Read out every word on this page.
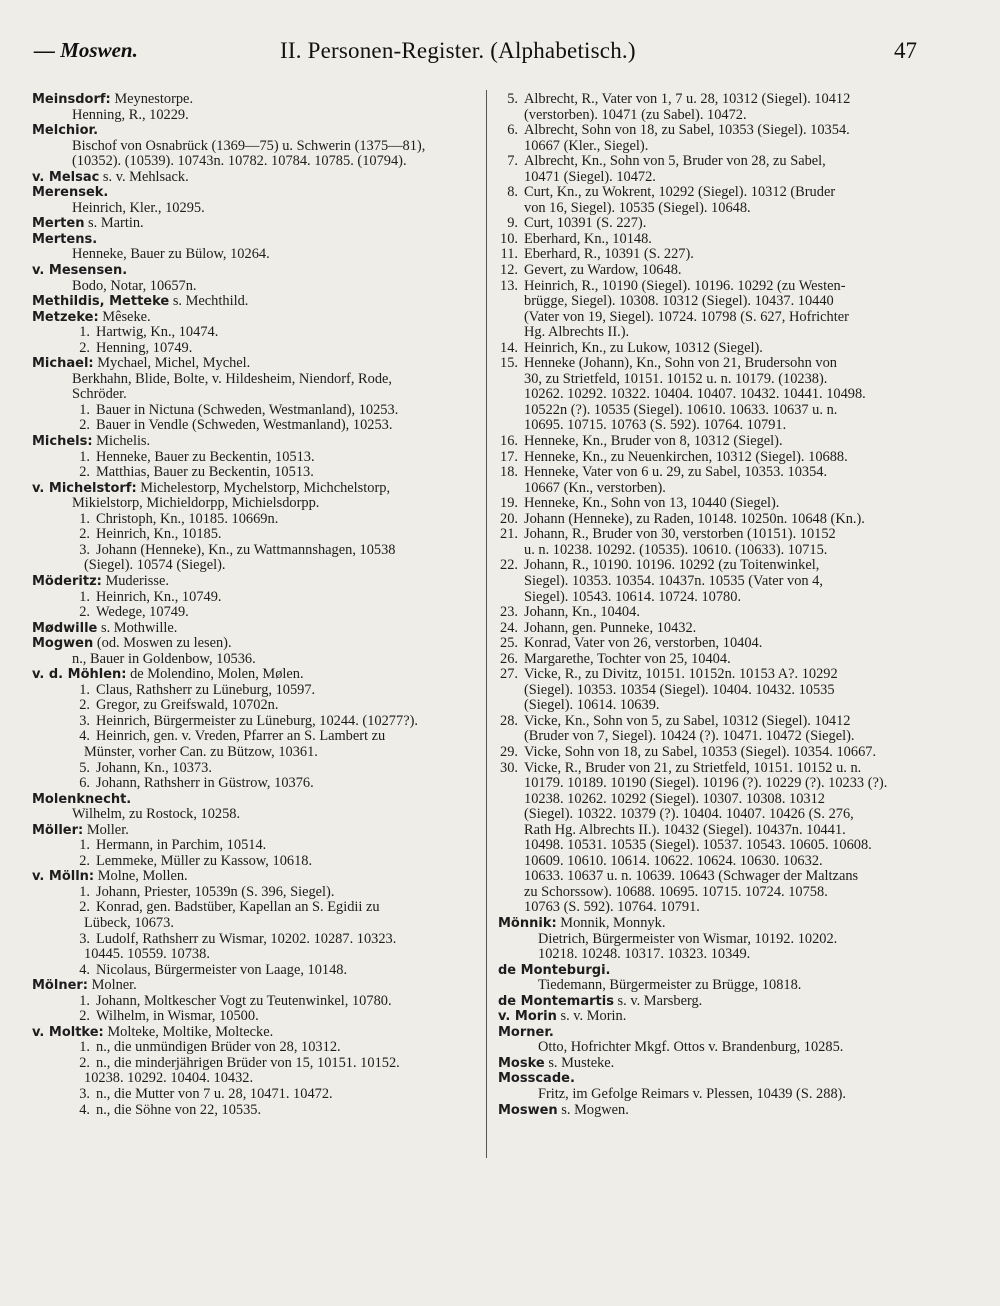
— Moswen.	II. Personen-Register. (Alphabetisch.)	47
Meinsdorf: Meynestorpe.
Henning, R., 10229.
Melchior.
Bischof von Osnabrück (1369—75) u. Schwerin (1375—81),
(10352). (10539). 10743n. 10782. 10784. 10785. (10794).
v. Melsac s. v. Mehlsack.
Merensek.
Heinrich, Kler., 10295.
Merten s. Martin.
Mertens.
Henneke, Bauer zu Bülow, 10264.
v. Mesensen.
Bodo, Notar, 10657n.
Methildis, Metteke s. Mechthild.
Metzeke: Mêseke.
1. Hartwig, Kn., 10474.
2. Henning, 10749.
Michael: Mychael, Michel, Mychel.
Berkhahn, Blide, Bolte, v. Hildesheim, Niendorf, Rode,
Schröder.
1. Bauer in Nictuna (Schweden, Westmanland), 10253.
2. Bauer in Vendle (Schweden, Westmanland), 10253.
Michels: Michelis.
1. Henneke, Bauer zu Beckentin, 10513.
2. Matthias, Bauer zu Beckentin, 10513.
v. Michelstorf: Michelestorp, Mychelstorp, Michchelstorp,
Mikielstorp, Michieldorpp, Michielsdorpp.
1. Christoph, Kn., 10185. 10669n.
2. Heinrich, Kn., 10185.
3. Johann (Henneke), Kn., zu Wattmannshagen, 10538
(Siegel). 10574 (Siegel).
Möderitz: Muderisse.
1. Heinrich, Kn., 10749.
2. Wedege, 10749.
Mødwille s. Mothwille.
Mogwen (od. Moswen zu lesen).
n., Bauer in Goldenbow, 10536.
v. d. Möhlen: de Molendino, Molen, Mølen.
1. Claus, Rathsherr zu Lüneburg, 10597.
2. Gregor, zu Greifswald, 10702n.
3. Heinrich, Bürgermeister zu Lüneburg, 10244. (10277?).
4. Heinrich, gen. v. Vreden, Pfarrer an S. Lambert zu
Münster, vorher Can. zu Bützow, 10361.
5. Johann, Kn., 10373.
6. Johann, Rathsherr in Güstrow, 10376.
Molenknecht.
Wilhelm, zu Rostock, 10258.
Möller: Moller.
1. Hermann, in Parchim, 10514.
2. Lemmeke, Müller zu Kassow, 10618.
v. Mölln: Molne, Mollen.
1. Johann, Priester, 10539n (S. 396, Siegel).
2. Konrad, gen. Badstüber, Kapellan an S. Egidii zu
Lübeck, 10673.
3. Ludolf, Rathsherr zu Wismar, 10202. 10287. 10323.
10445. 10559. 10738.
4. Nicolaus, Bürgermeister von Laage, 10148.
Mölner: Molner.
1. Johann, Moltkescher Vogt zu Teutenwinkel, 10780.
2. Wilhelm, in Wismar, 10500.
v. Moltke: Molteke, Moltike, Moltecke.
1. n., die unmündigen Brüder von 28, 10312.
2. n., die minderjährigen Brüder von 15, 10151. 10152.
10238. 10292. 10404. 10432.
3. n., die Mutter von 7 u. 28, 10471. 10472.
4. n., die Söhne von 22, 10535.
5. Albrecht, R., Vater von 1, 7 u. 28, 10312 (Siegel). 10412
(verstorben). 10471 (zu Sabel). 10472.
6. Albrecht, Sohn von 18, zu Sabel, 10353 (Siegel). 10354.
10667 (Kler., Siegel).
7. Albrecht, Kn., Sohn von 5, Bruder von 28, zu Sabel,
10471 (Siegel). 10472.
8. Curt, Kn., zu Wokrent, 10292 (Siegel). 10312 (Bruder
von 16, Siegel). 10535 (Siegel). 10648.
9. Curt, 10391 (S. 227).
10. Eberhard, Kn., 10148.
11. Eberhard, R., 10391 (S. 227).
12. Gevert, zu Wardow, 10648.
13. Heinrich, R., 10190 (Siegel). 10196. 10292 (zu Westen-
brügge, Siegel). 10308. 10312 (Siegel). 10437. 10440
(Vater von 19, Siegel). 10724. 10798 (S. 627, Hofrichter
Hg. Albrechts II.).
14. Heinrich, Kn., zu Lukow, 10312 (Siegel).
15. Henneke (Johann), Kn., Sohn von 21, Brudersohn von
30, zu Strietfeld, 10151. 10152 u. n. 10179. (10238).
10262. 10292. 10322. 10404. 10407. 10432. 10441. 10498.
10522n (?). 10535 (Siegel). 10610. 10633. 10637 u. n.
10695. 10715. 10763 (S. 592). 10764. 10791.
16. Henneke, Kn., Bruder von 8, 10312 (Siegel).
17. Henneke, Kn., zu Neuenkirchen, 10312 (Siegel). 10688.
18. Henneke, Vater von 6 u. 29, zu Sabel, 10353. 10354.
10667 (Kn., verstorben).
19. Henneke, Kn., Sohn von 13, 10440 (Siegel).
20. Johann (Henneke), zu Raden, 10148. 10250n. 10648 (Kn.).
21. Johann, R., Bruder von 30, verstorben (10151). 10152
u. n. 10238. 10292. (10535). 10610. (10633). 10715.
22. Johann, R., 10190. 10196. 10292 (zu Toitenwinkel,
Siegel). 10353. 10354. 10437n. 10535 (Vater von 4,
Siegel). 10543. 10614. 10724. 10780.
23. Johann, Kn., 10404.
24. Johann, gen. Punneke, 10432.
25. Konrad, Vater von 26, verstorben, 10404.
26. Margarethe, Tochter von 25, 10404.
27. Vicke, R., zu Divitz, 10151. 10152n. 10153 A?. 10292
(Siegel). 10353. 10354 (Siegel). 10404. 10432. 10535
(Siegel). 10614. 10639.
28. Vicke, Kn., Sohn von 5, zu Sabel, 10312 (Siegel). 10412
(Bruder von 7, Siegel). 10424 (?). 10471. 10472 (Siegel).
29. Vicke, Sohn von 18, zu Sabel, 10353 (Siegel). 10354. 10667.
30. Vicke, R., Bruder von 21, zu Strietfeld, 10151. 10152 u. n.
10179. 10189. 10190 (Siegel). 10196 (?). 10229 (?). 10233 (?).
10238. 10262. 10292 (Siegel). 10307. 10308. 10312
(Siegel). 10322. 10379 (?). 10404. 10407. 10426 (S. 276,
Rath Hg. Albrechts II.). 10432 (Siegel). 10437n. 10441.
10498. 10531. 10535 (Siegel). 10537. 10543. 10605. 10608.
10609. 10610. 10614. 10622. 10624. 10630. 10632.
10633. 10637 u. n. 10639. 10643 (Schwager der Maltzans
zu Schorssow). 10688. 10695. 10715. 10724. 10758.
10763 (S. 592). 10764. 10791.
Mönnik: Monnik, Monnyk.
Dietrich, Bürgermeister von Wismar, 10192. 10202.
10218. 10248. 10317. 10323. 10349.
de Monteburgi.
Tiedemann, Bürgermeister zu Brügge, 10818.
de Montemartis s. v. Marsberg.
v. Morin s. v. Morin.
Morner.
Otto, Hofrichter Mkgf. Ottos v. Brandenburg, 10285.
Moske s. Musteke.
Mosscade.
Fritz, im Gefolge Reimars v. Plessen, 10439 (S. 288).
Moswen s. Mogwen.
